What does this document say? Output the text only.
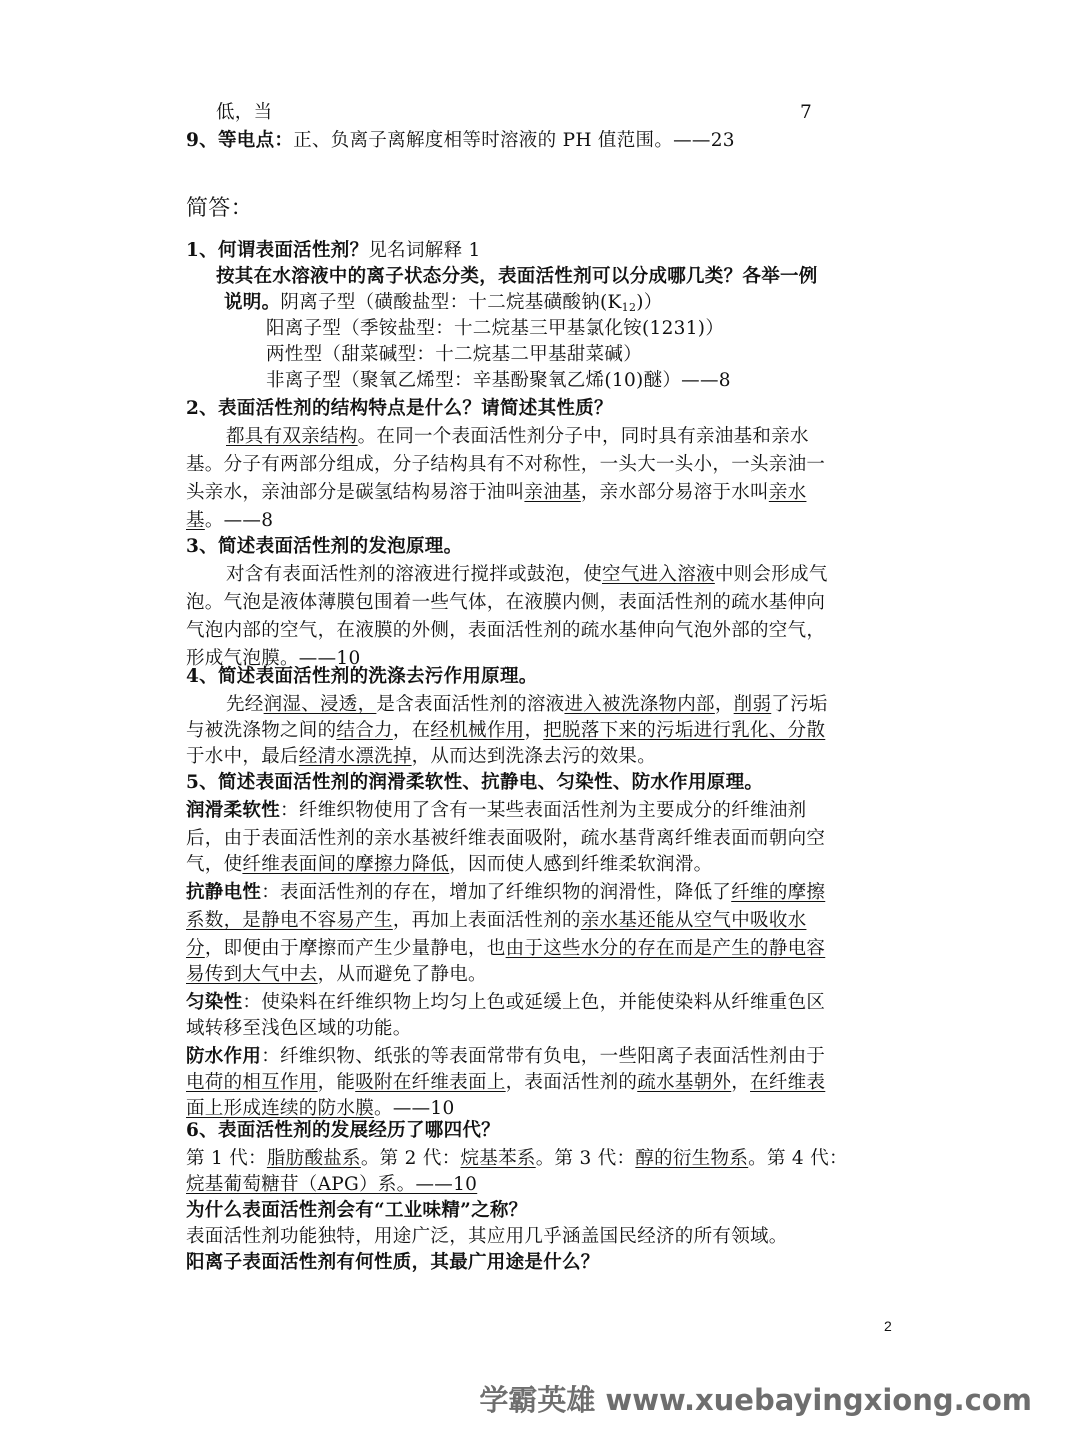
低，当	7
9、等电点：正、负离子离解度相等时溶液的 PH 值范围。——23
简答：
1、何谓表面活性剂？见名词解释 1
按其在水溶液中的离子状态分类，表面活性剂可以分成哪几类？各举一例
说明。阴离子型（磺酸盐型：十二烷基磺酸钠$(K_{12})$）
阳离子型（季铵盐型：十二烷基三甲基氯化铵(1231)）
两性型（甜菜碱型：十二烷基二甲基甜菜碱）
非离子型（聚氧乙烯型：辛基酚聚氧乙烯(10)醚）——8
2、表面活性剂的结构特点是什么？请简述其性质？
都具有双亲结构。在同一个表面活性剂分子中，同时具有亲油基和亲水
基。分子有两部分组成，分子结构具有不对称性，一头大一头小，一头亲油一
头亲水，亲油部分是碳氢结构易溶于油叫亲油基，亲水部分易溶于水叫亲水
基。——8
3、简述表面活性剂的发泡原理。
对含有表面活性剂的溶液进行搅拌或鼓泡，使空气进入溶液中则会形成气
泡。气泡是液体薄膜包围着一些气体，在液膜内侧，表面活性剂的疏水基伸向
气泡内部的空气，在液膜的外侧，表面活性剂的疏水基伸向气泡外部的空气，
形成气泡膜。——10
4、简述表面活性剂的洗涤去污作用原理。
先经润湿、浸透，是含表面活性剂的溶液进入被洗涤物内部，削弱了污垢
与被洗涤物之间的结合力，在经机械作用，把脱落下来的污垢进行乳化、分散
于水中，最后经清水漂洗掉，从而达到洗涤去污的效果。
5、简述表面活性剂的润滑柔软性、抗静电、匀染性、防水作用原理。
润滑柔软性：纤维织物使用了含有一某些表面活性剂为主要成分的纤维油剂
后，由于表面活性剂的亲水基被纤维表面吸附，疏水基背离纤维表面而朝向空
气，使纤维表面间的摩擦力降低，因而使人感到纤维柔软润滑。
抗静电性：表面活性剂的存在，增加了纤维织物的润滑性，降低了纤维的摩擦
系数，是静电不容易产生，再加上表面活性剂的亲水基还能从空气中吸收水
分，即便由于摩擦而产生少量静电，也由于这些水分的存在而是产生的静电容
易传到大气中去，从而避免了静电。
匀染性：使染料在纤维织物上均匀上色或延缓上色，并能使染料从纤维重色区
域转移至浅色区域的功能。
防水作用：纤维织物、纸张的等表面常带有负电，一些阳离子表面活性剂由于
电荷的相互作用，能吸附在纤维表面上，表面活性剂的疏水基朝外，在纤维表
面上形成连续的防水膜。——10
6、表面活性剂的发展经历了哪四代？
第 1 代：脂肪酸盐系。第 2 代：烷基苯系。第 3 代：醇的衍生物系。第 4 代：
烷基葡萄糖苷（APG）系。——10
为什么表面活性剂会有“工业味精”之称？
表面活性剂功能独特，用途广泛，其应用几乎涵盖国民经济的所有领域。
阳离子表面活性剂有何性质，其最广用途是什么？
2
学霸英雄 www.xuebayingxiong.com
